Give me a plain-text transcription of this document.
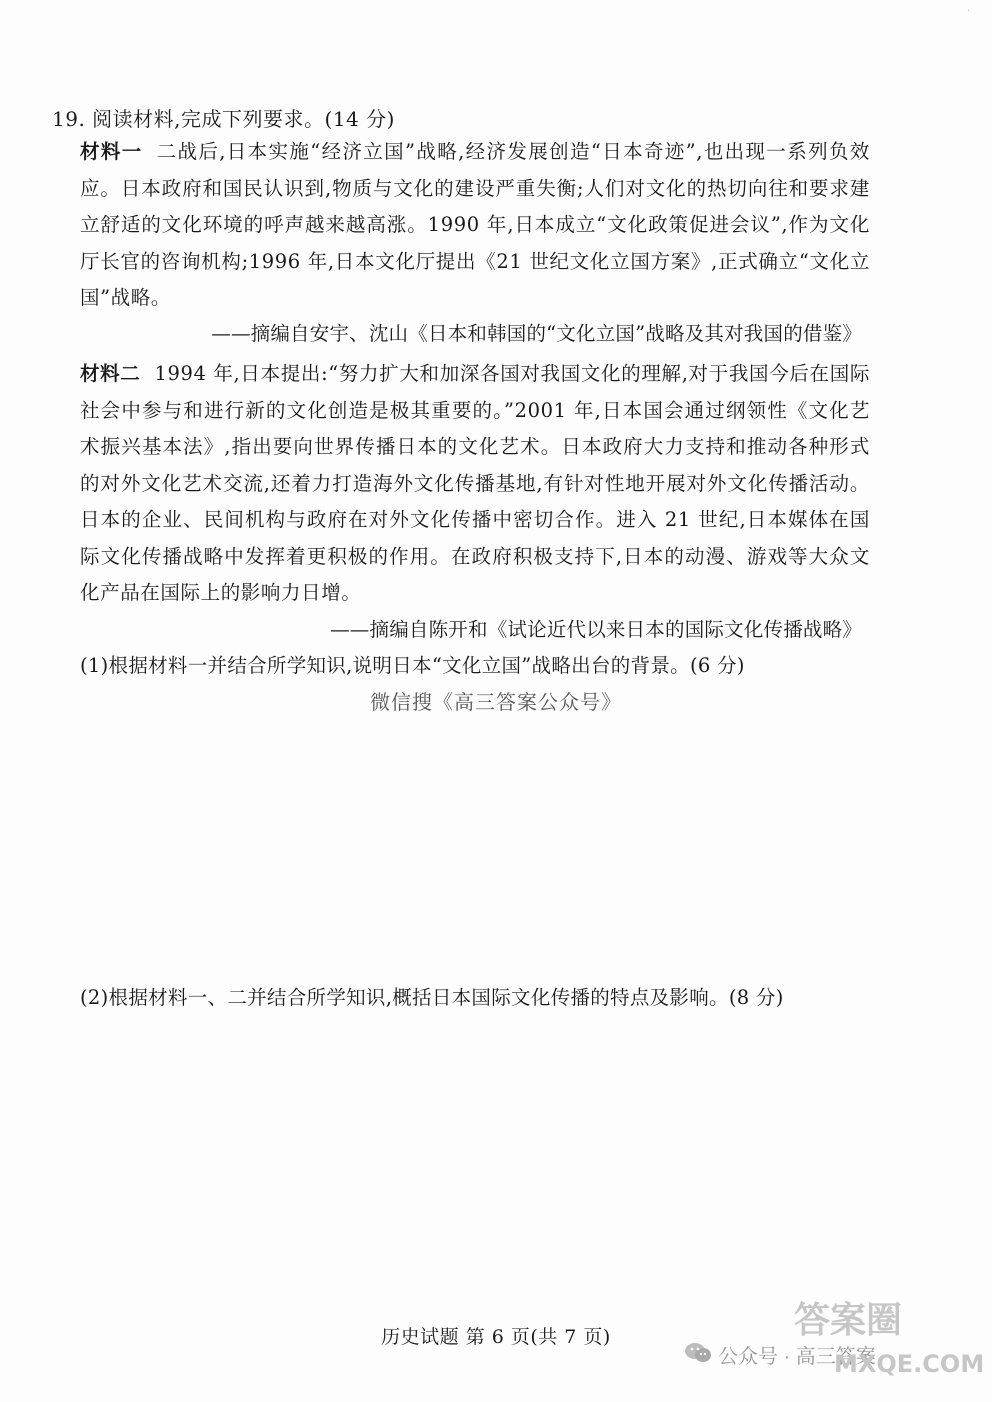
·
19. 阅读材料,完成下列要求。(14 分)
材料一 二战后,日本实施“经济立国”战略,经济发展创造“日本奇迹”,也出现一系列负效应。日本政府和国民认识到,物质与文化的建设严重失衡;人们对文化的热切向往和要求建立舒适的文化环境的呼声越来越高涨。1990 年,日本成立“文化政策促进会议”,作为文化厅长官的咨询机构;1996 年,日本文化厅提出《21 世纪文化立国方案》,正式确立“文化立国”战略。
——摘编自安宇、沈山《日本和韩国的“文化立国”战略及其对我国的借鉴》
材料二 1994 年,日本提出:“努力扩大和加深各国对我国文化的理解,对于我国今后在国际社会中参与和进行新的文化创造是极其重要的。”2001 年,日本国会通过纲领性《文化艺术振兴基本法》,指出要向世界传播日本的文化艺术。日本政府大力支持和推动各种形式的对外文化艺术交流,还着力打造海外文化传播基地,有针对性地开展对外文化传播活动。日本的企业、民间机构与政府在对外文化传播中密切合作。进入 21 世纪,日本媒体在国际文化传播战略中发挥着更积极的作用。在政府积极支持下,日本的动漫、游戏等大众文化产品在国际上的影响力日增。
——摘编自陈开和《试论近代以来日本的国际文化传播战略》
(1)根据材料一并结合所学知识,说明日本“文化立国”战略出台的背景。(6 分)
微信搜《高三答案公众号》
(2)根据材料一、二并结合所学知识,概括日本国际文化传播的特点及影响。(8 分)
历史试题 第 6 页(共 7 页)
公众号 · 高三答案
答案圈
MXQE.COM
